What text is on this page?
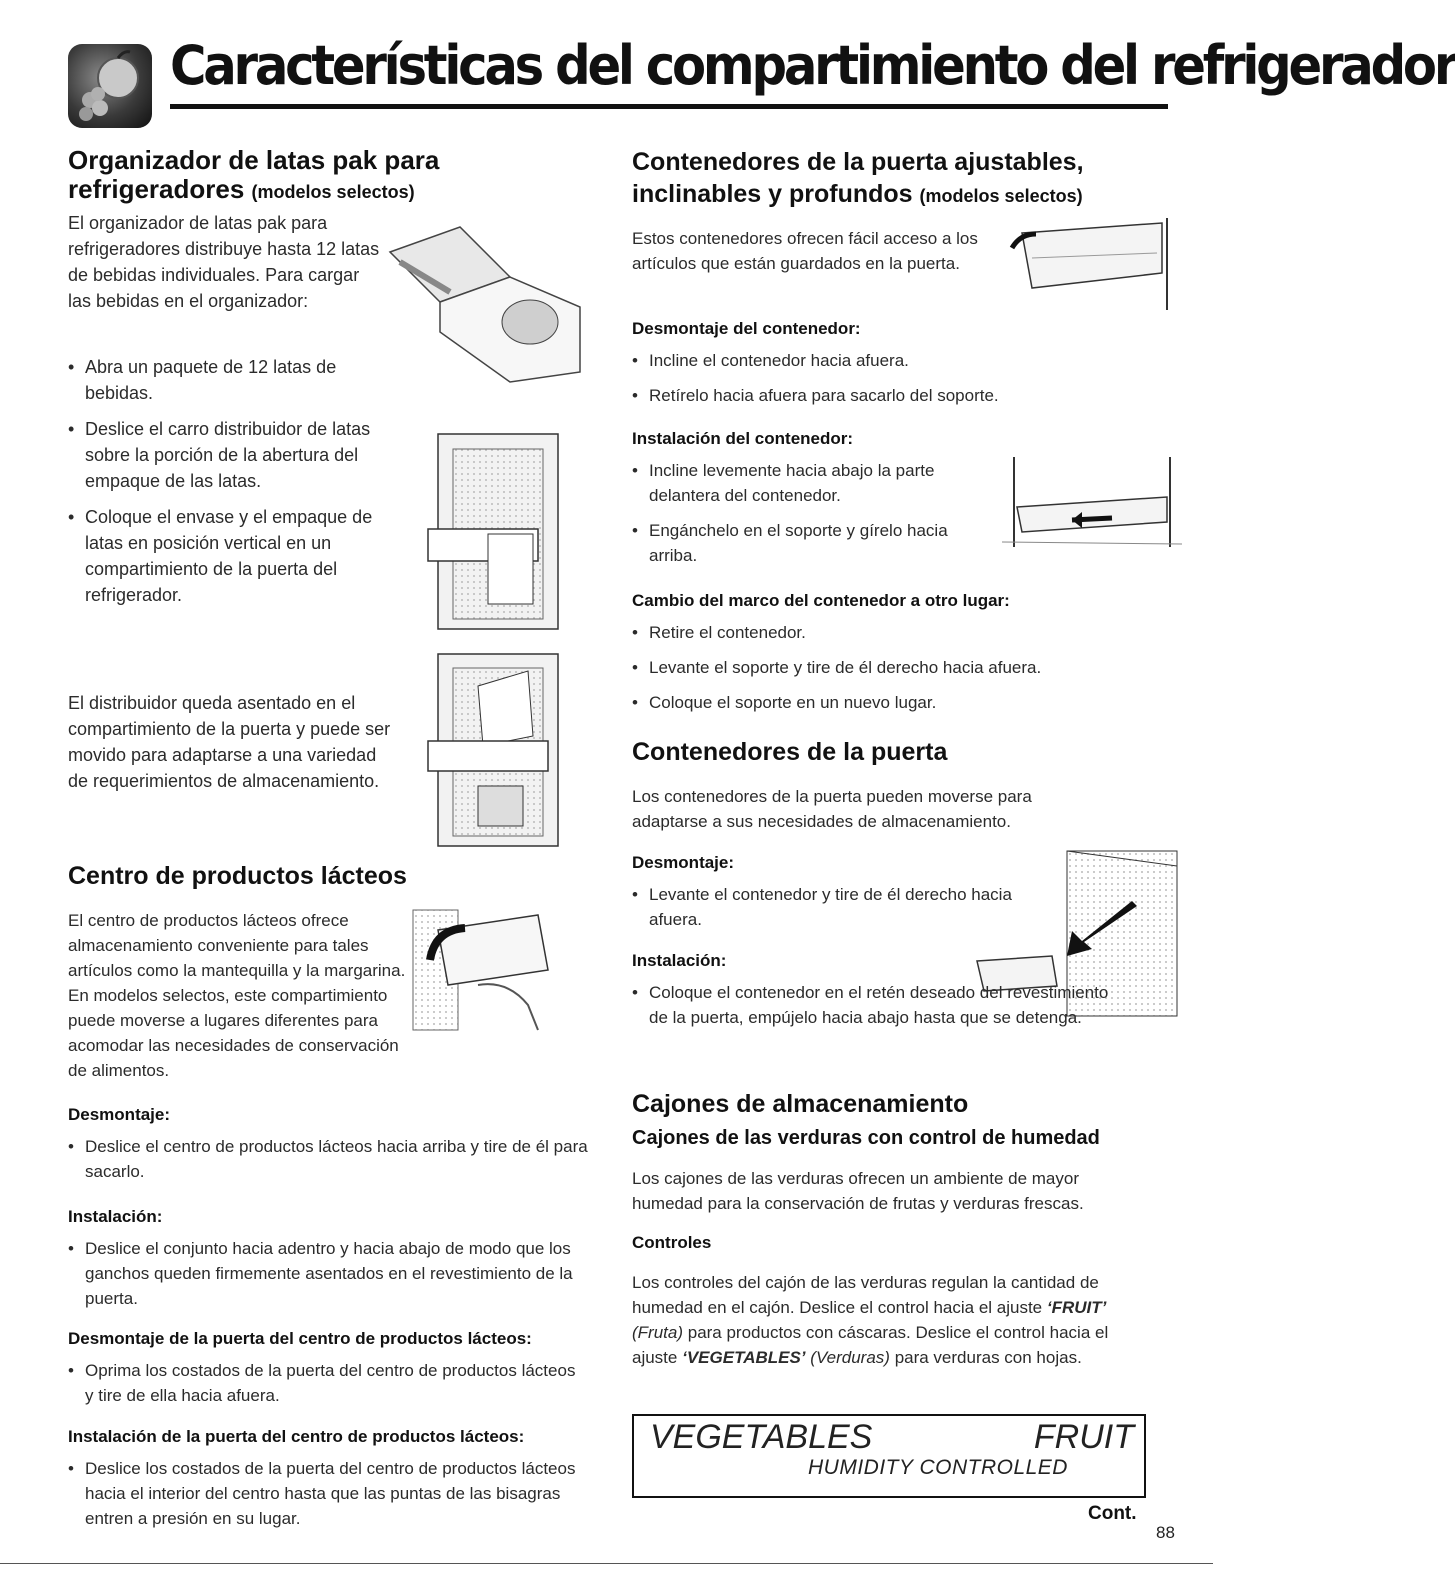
Características del compartimiento del refrigerador

Organizador de latas pak para refrigeradores (modelos selectos)

El organizador de latas pak para refrigeradores distribuye hasta 12 latas de bebidas individuales. Para cargar las bebidas en el organizador:

• Abra un paquete de 12 latas de bebidas.
• Deslice el carro distribuidor de latas sobre la porción de la abertura del empaque de las latas.
• Coloque el envase y el empaque de latas en posición vertical en un compartimiento de la puerta del refrigerador.

El distribuidor queda asentado en el compartimiento de la puerta y puede ser movido para adaptarse a una variedad de requerimientos de almacenamiento.

Centro de productos lácteos

El centro de productos lácteos ofrece almacenamiento conveniente para tales artículos como la mantequilla y la margarina. En modelos selectos, este compartimiento puede moverse a lugares diferentes para acomodar las necesidades de conservación de alimentos.

Desmontaje:

• Deslice el centro de productos lácteos hacia arriba y tire de él para sacarlo.

Instalación:

• Deslice el conjunto hacia adentro y hacia abajo de modo que los ganchos queden firmemente asentados en el revestimiento de la puerta.

Desmontaje de la puerta del centro de productos lácteos:

• Oprima los costados de la puerta del centro de productos lácteos y tire de ella hacia afuera.

Instalación de la puerta del centro de productos lácteos:

• Deslice los costados de la puerta del centro de productos lácteos hacia el interior del centro hasta que las puntas de las bisagras entren a presión en su lugar.

Contenedores de la puerta ajustables, inclinables y profundos (modelos selectos)

Estos contenedores ofrecen fácil acceso a los artículos que están guardados en la puerta.

Desmontaje del contenedor:

• Incline el contenedor hacia afuera.
• Retírelo hacia afuera para sacarlo del soporte.

Instalación del contenedor:

• Incline levemente hacia abajo la parte delantera del contenedor.
• Engánchelo en el soporte y gírelo hacia arriba.

Cambio del marco del contenedor a otro lugar:

• Retire el contenedor.
• Levante el soporte y tire de él derecho hacia afuera.
• Coloque el soporte en un nuevo lugar.

Contenedores de la puerta

Los contenedores de la puerta pueden moverse para adaptarse a sus necesidades de almacenamiento.

Desmontaje:

• Levante el contenedor y tire de él derecho hacia afuera.

Instalación:

• Coloque el contenedor en el retén deseado del revestimiento de la puerta, empújelo hacia abajo hasta que se detenga.

Cajones de almacenamiento

Cajones de las verduras con control de humedad

Los cajones de las verduras ofrecen un ambiente de mayor humedad para la conservación de frutas y verduras frescas.

Controles

Los controles del cajón de las verduras regulan la cantidad de humedad en el cajón. Deslice el control hacia el ajuste ‘FRUIT’ (Fruta) para productos con cáscaras. Deslice el control hacia el ajuste ‘VEGETABLES’ (Verduras) para verduras con hojas.

VEGETABLES	FRUIT
HUMIDITY CONTROLLED
Cont.
88
